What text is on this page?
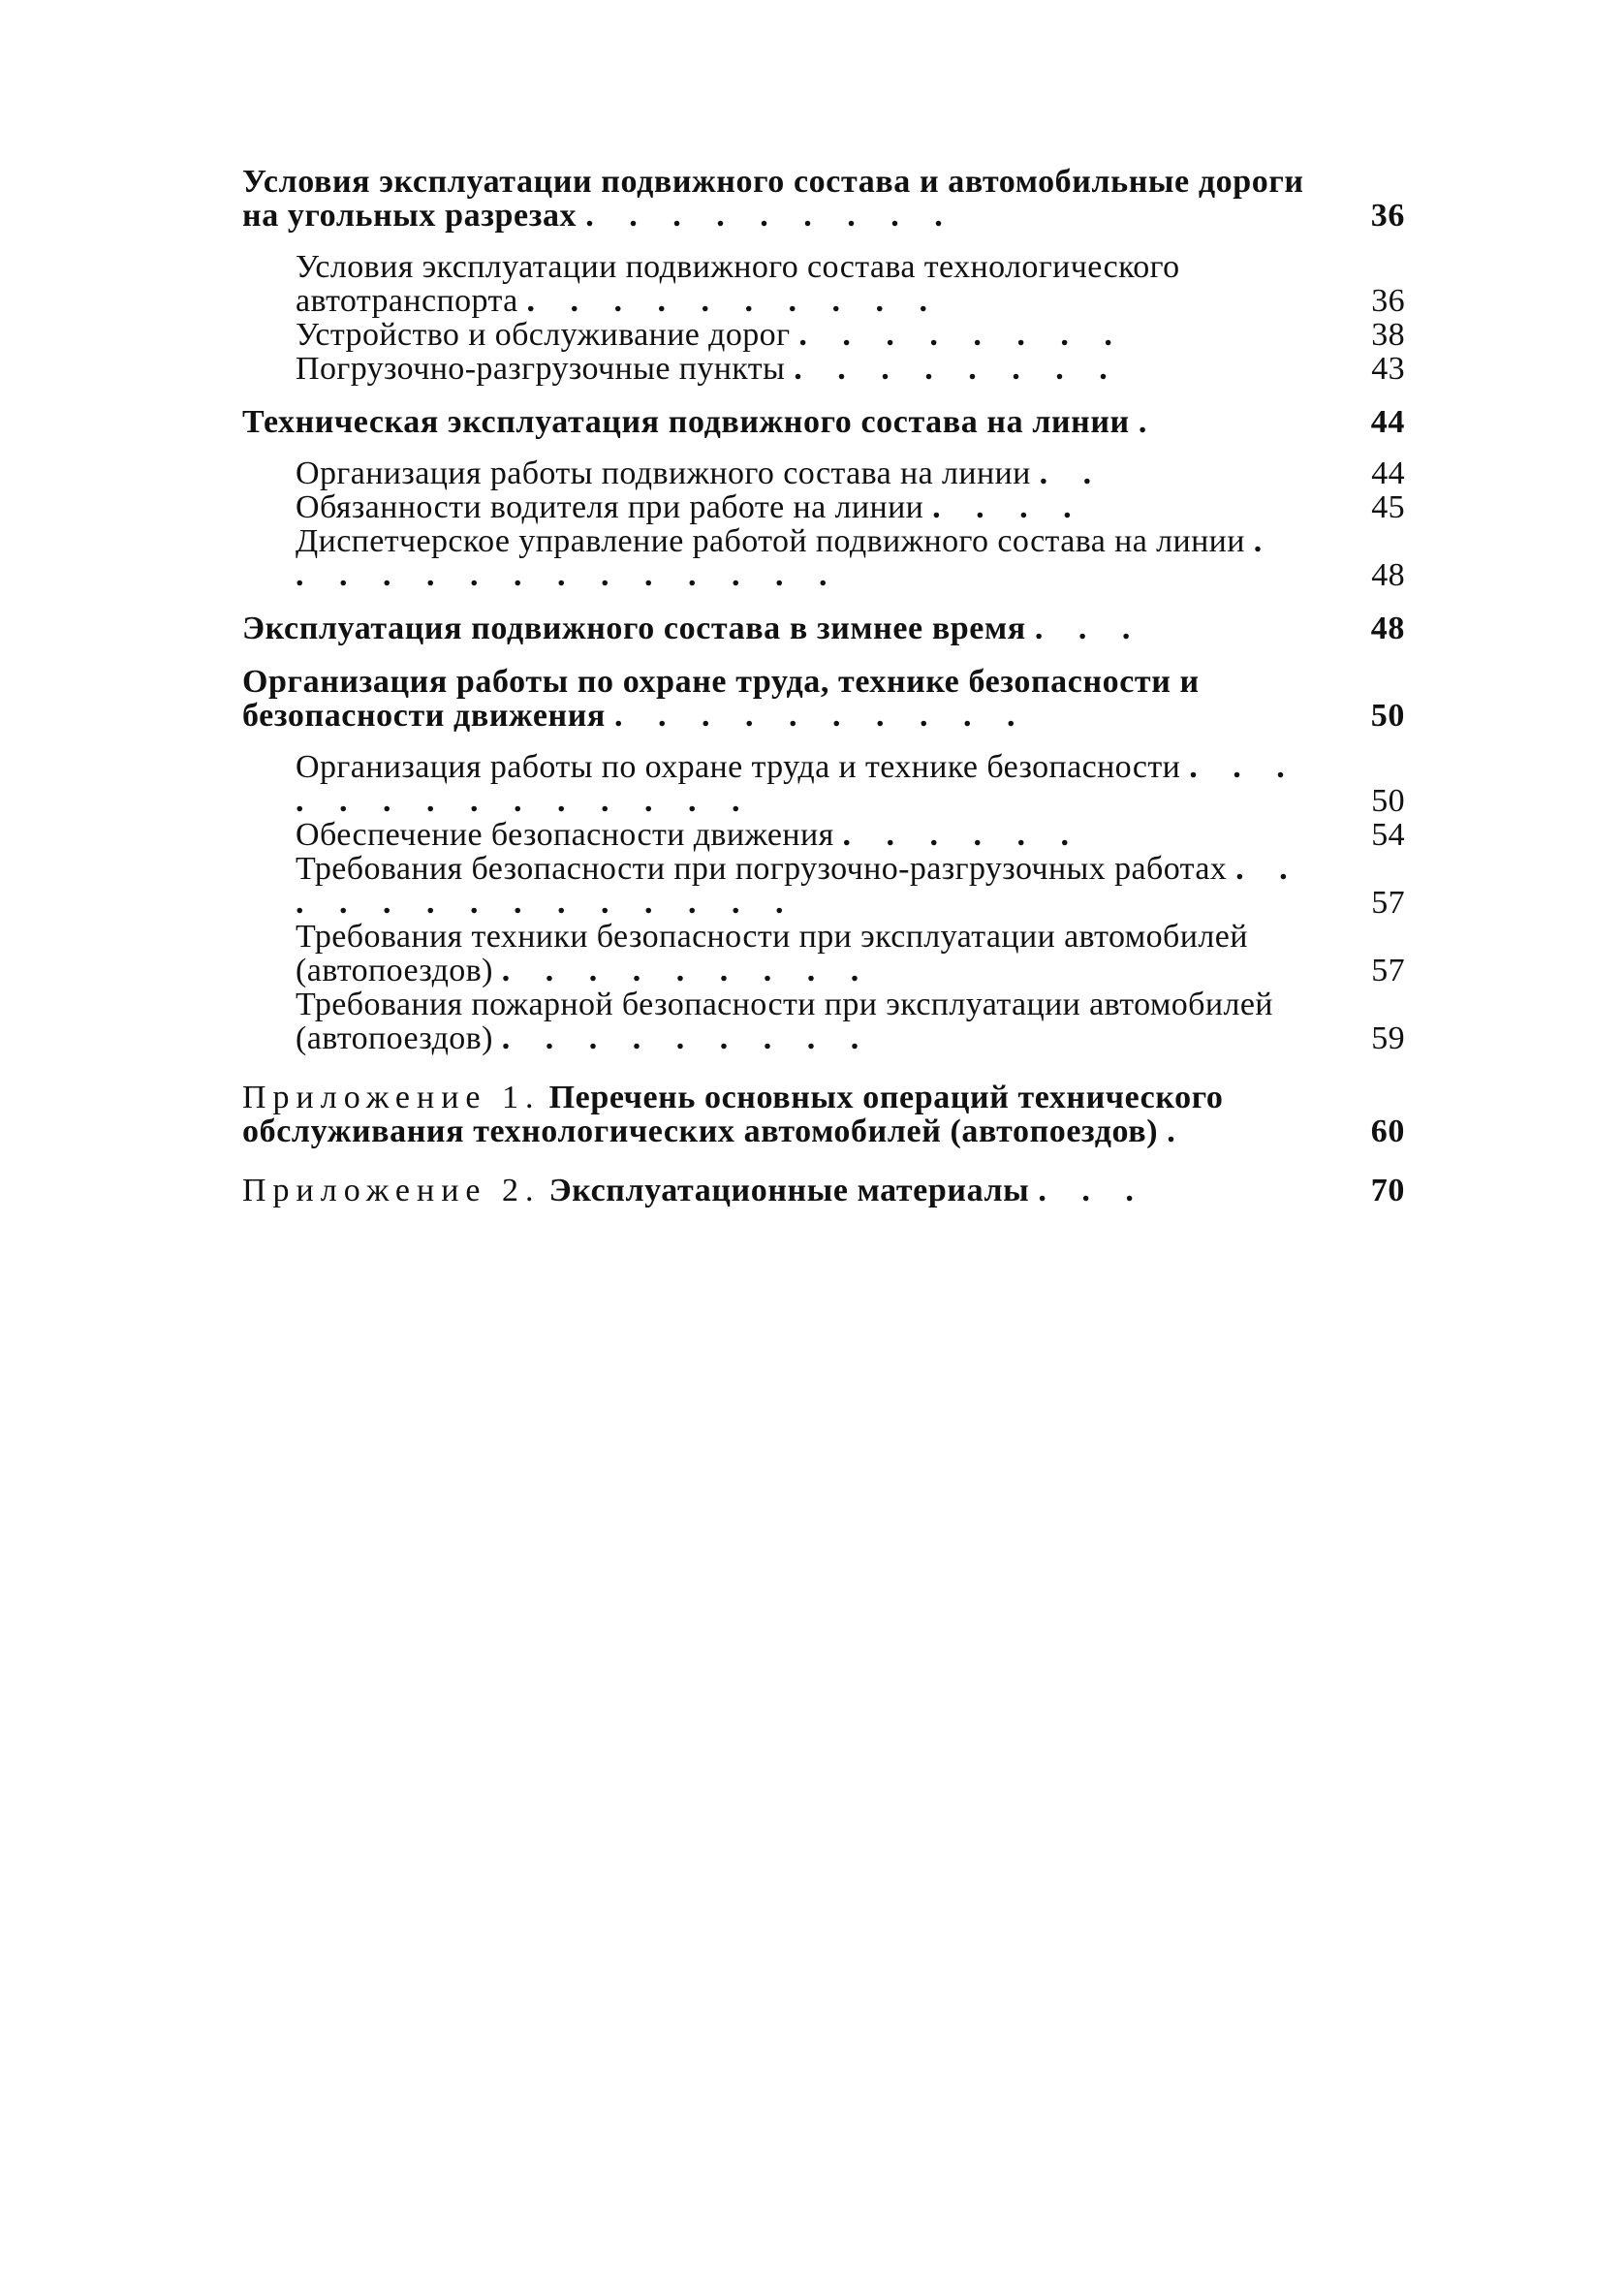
Условия эксплуатации подвижного состава и автомобильные дороги на угольных разрезах . . . . . . . . .	36
Условия эксплуатации подвижного состава технологического автотранспорта . . . . . . . . . .	36
Устройство и обслуживание дорог . . . . . . . .	38
Погрузочно-разгрузочные пункты . . . . . . . .	43
Техническая эксплуатация подвижного состава на линии .	44
Организация работы подвижного состава на линии . .	44
Обязанности водителя при работе на линии . . . .	45
Диспетчерское управление работой подвижного состава на линии . . . . . . . . . . . . . .	48
Эксплуатация подвижного состава в зимнее время . . .	48
Организация работы по охране труда, технике безопасности и безопасности движения . . . . . . . . . .	50
Организация работы по охране труда и технике безопасности . . . . . . . . . . . . . .	50
Обеспечение безопасности движения . . . . . .	54
Требования безопасности при погрузочно-разгрузочных работах . . . . . . . . . . . . . .	57
Требования техники безопасности при эксплуатации автомобилей (автопоездов) . . . . . . . . .	57
Требования пожарной безопасности при эксплуатации автомобилей (автопоездов) . . . . . . . . .	59
Приложение 1. Перечень основных операций технического обслуживания технологических автомобилей (автопоездов) .	60
Приложение 2. Эксплуатационные материалы . . .	70
